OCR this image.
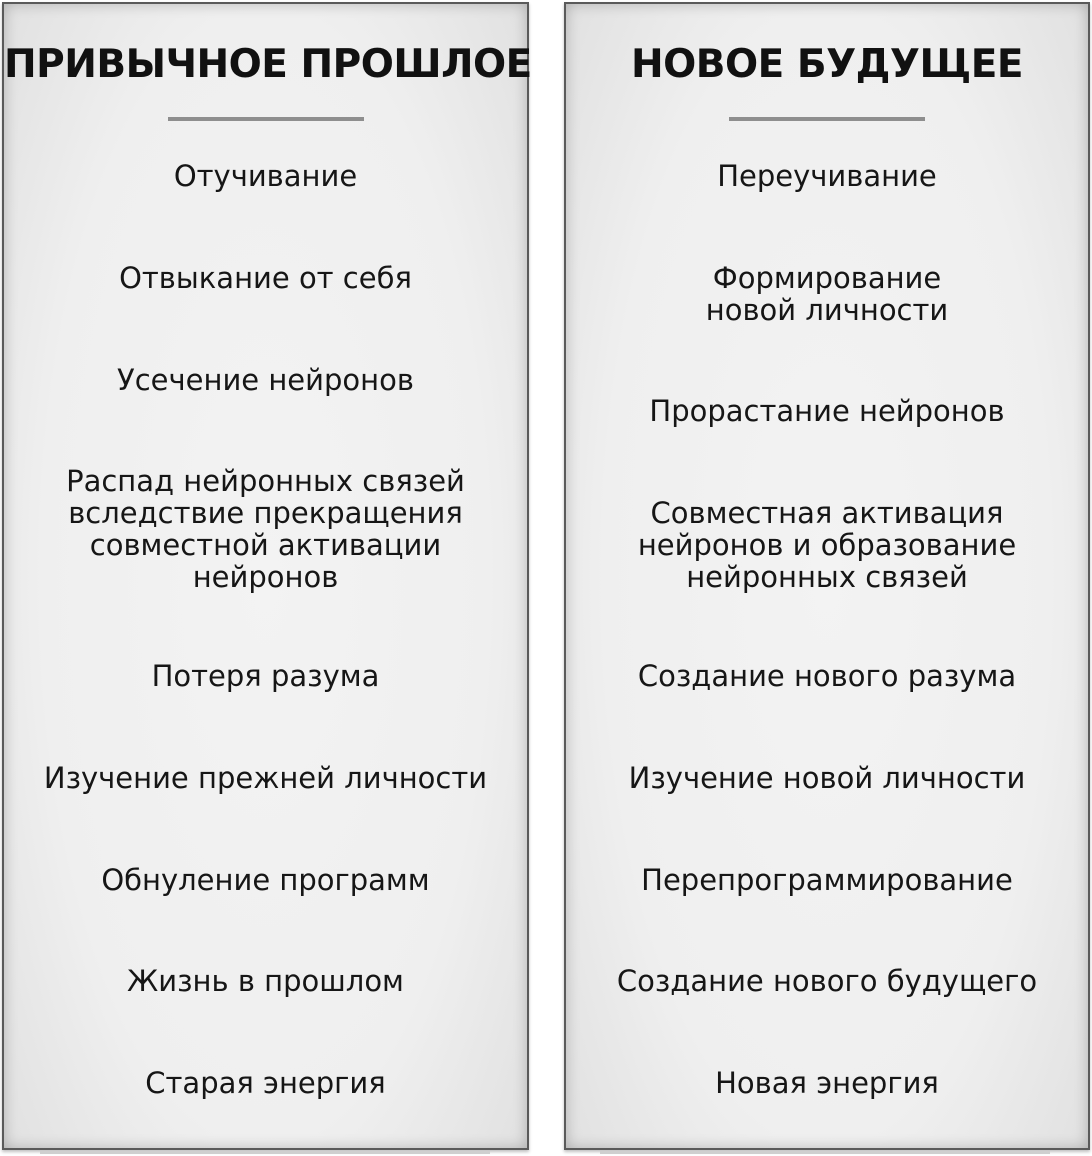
ПРИВЫЧНОЕ ПРОШЛОЕ
Отучивание
Отвыкание от себя
Усечение нейронов
Распад нейронных связей
вследствие прекращения
совместной активации
нейронов
Потеря разума
Изучение прежней личности
Обнуление программ
Жизнь в прошлом
Старая энергия
НОВОЕ БУДУЩЕЕ
Переучивание
Формирование
новой личности
Прорастание нейронов
Совместная активация
нейронов и образование
нейронных связей
Создание нового разума
Изучение новой личности
Перепрограммирование
Создание нового будущего
Новая энергия
